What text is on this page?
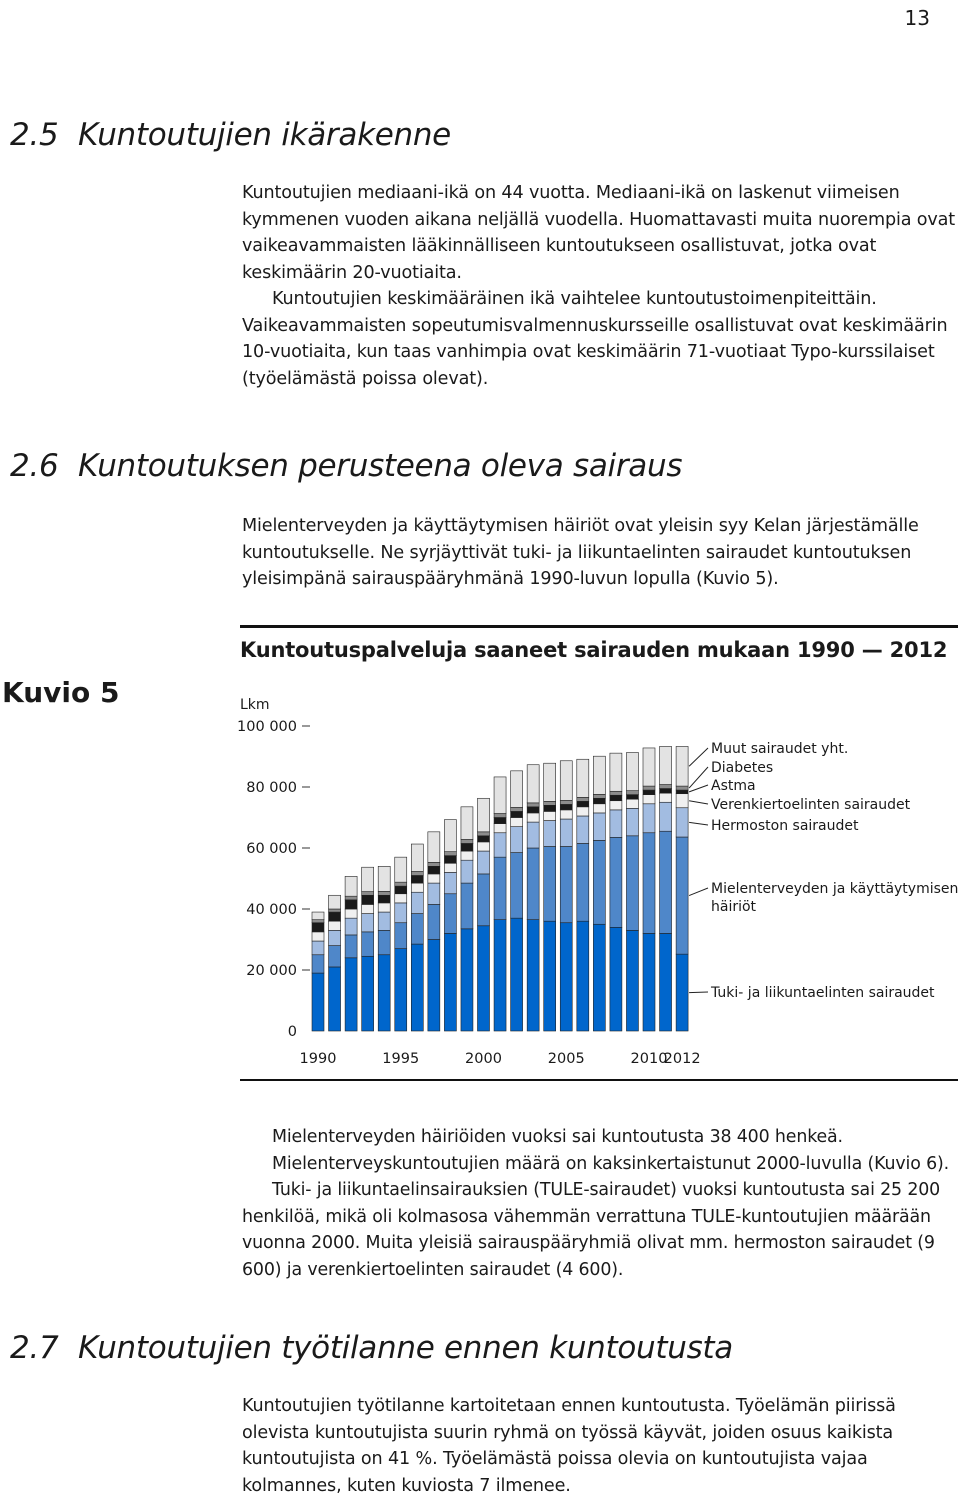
13
2.5 Kuntoutujien ikärakenne

Kuntoutujien mediaani-ikä on 44 vuotta. Mediaani-ikä on laskenut viimeisen kymmenen vuoden aikana neljällä vuodella. Huomattavasti muita nuorempia ovat vaikeavammaisten lääkinnälliseen kuntoutukseen osallistuvat, jotka ovat keskimäärin 20-vuotiaita.

Kuntoutujien keskimääräinen ikä vaihtelee kuntoutustoimenpiteittäin. Vaikeavammaisten sopeutumisvalmennuskursseille osallistuvat ovat keskimäärin 10-vuotiaita, kun taas vanhimpia ovat keskimäärin 71-vuotiaat Typo-kurssilaiset (työelämästä poissa olevat).

2.6 Kuntoutuksen perusteena oleva sairaus

Mielenterveyden ja käyttäytymisen häiriöt ovat yleisin syy Kelan järjestämälle kuntoutukselle. Ne syrjäyttivät tuki- ja liikuntaelinten sairaudet kuntoutuksen yleisimpänä sairauspääryhmänä 1990-luvun lopulla (Kuvio 5).

Kuvio 5
Kuntoutuspalveluja saaneet sairauden mukaan 1990 — 2012
Lkm
0
20 000
40 000
60 000
80 000
100 000
1990	1995	2000	2005	2010
2012
Tuki- ja liikuntaelinten sairaudet
Mielenterveyden ja käyttäytymisen häiriöt
Hermoston sairaudet
Verenkiertoelinten sairaudet
Astma
Diabetes
Muut sairaudet yht.

Mielenterveyden häiriöiden vuoksi sai kuntoutusta 38 400 henkeä. Mielenterveyskuntoutujien määrä on kaksinkertaistunut 2000-luvulla (Kuvio 6).

Tuki- ja liikuntaelinsairauksien (TULE-sairaudet) vuoksi kuntoutusta sai 25 200 henkilöä, mikä oli kolmasosa vähemmän verrattuna TULE-kuntoutujien määrään vuonna 2000. Muita yleisiä sairauspääryhmiä olivat mm. hermoston sairaudet (9 600) ja verenkiertoelinten sairaudet (4 600).

2.7 Kuntoutujien työtilanne ennen kuntoutusta

Kuntoutujien työtilanne kartoitetaan ennen kuntoutusta. Työelämän piirissä olevista kuntoutujista suurin ryhmä on työssä käyvät, joiden osuus kaikista kuntoutujista on 41 %. Työelämästä poissa olevia on kuntoutujista vajaa kolmannes, kuten kuviosta 7 ilmenee.
